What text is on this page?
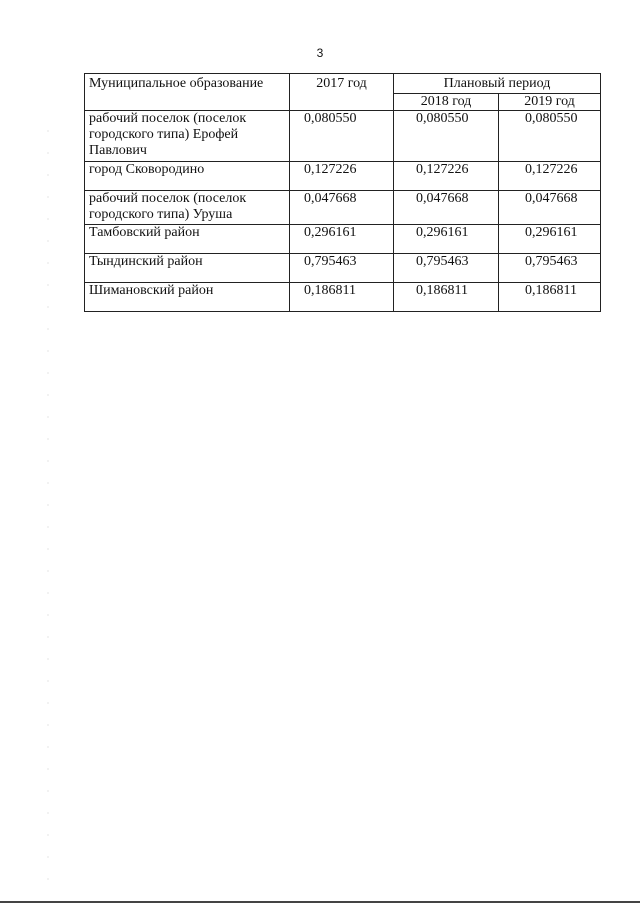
3
Муниципальное образование	2017 год	Плановый период	
		2018 год	2019 год
рабочий поселок (поселок городского типа) Ерофей Павлович	0,080550	0,080550	0,080550
город Сковородино	0,127226	0,127226	0,127226
рабочий поселок (поселок городского типа) Уруша	0,047668	0,047668	0,047668
Тамбовский район	0,296161	0,296161	0,296161
Тындинский район	0,795463	0,795463	0,795463
Шимановский район	0,186811	0,186811	0,186811
